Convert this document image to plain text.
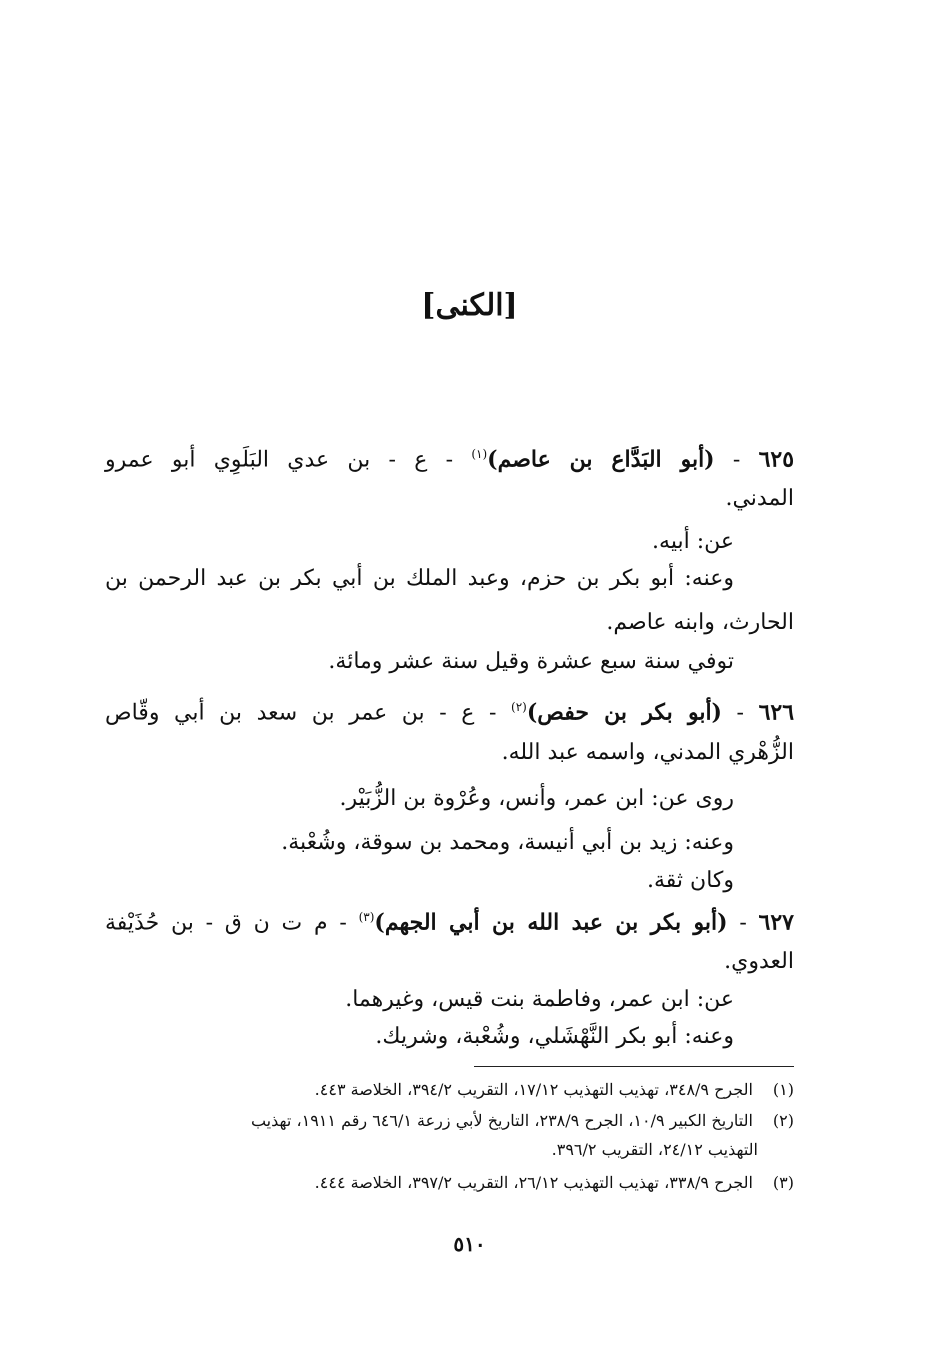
[الكنى]
٦٢٥ - (أبو البَدَّاع بن عاصم)$^{(١)}$ - ع - بن عدي البَلَوِي أبو عمرو
المدني.
عن: أبيه.
وعنه: أبو بكر بن حزم، وعبد الملك بن أبي بكر بن عبد الرحمن بن
الحارث، وابنه عاصم.
توفي سنة سبع عشرة وقيل سنة عشر ومائة.
٦٢٦ - (أبو بكر بن حفص)$^{(٢)}$ - ع - بن عمر بن سعد بن أبي وقّاص
الزُّهْري المدني، واسمه عبد الله.
روى عن: ابن عمر، وأنس، وعُرْوة بن الزُّبَيْر.
وعنه: زيد بن أبي أنيسة، ومحمد بن سوقة، وشُعْبة.
وكان ثقة.
٦٢٧ - (أبو بكر بن عبد الله بن أبي الجهم)$^{(٣)}$ - م ت ن ق - بن حُذَيْفة
العدوي.
عن: ابن عمر، وفاطمة بنت قيس، وغيرهما.
وعنه: أبو بكر النَّهْشَلي، وشُعْبة، وشريك.
(١) الجرح ٣٤٨/٩، تهذيب التهذيب ١٧/١٢، التقريب ٣٩٤/٢، الخلاصة ٤٤٣.
(٢) التاريخ الكبير ١٠/٩، الجرح ٢٣٨/٩، التاريخ لأبي زرعة ٦٤٦/١ رقم ١٩١١، تهذيب
التهذيب ٢٤/١٢، التقريب ٣٩٦/٢.
(٣) الجرح ٣٣٨/٩، تهذيب التهذيب ٢٦/١٢، التقريب ٣٩٧/٢، الخلاصة ٤٤٤.
٥١٠
